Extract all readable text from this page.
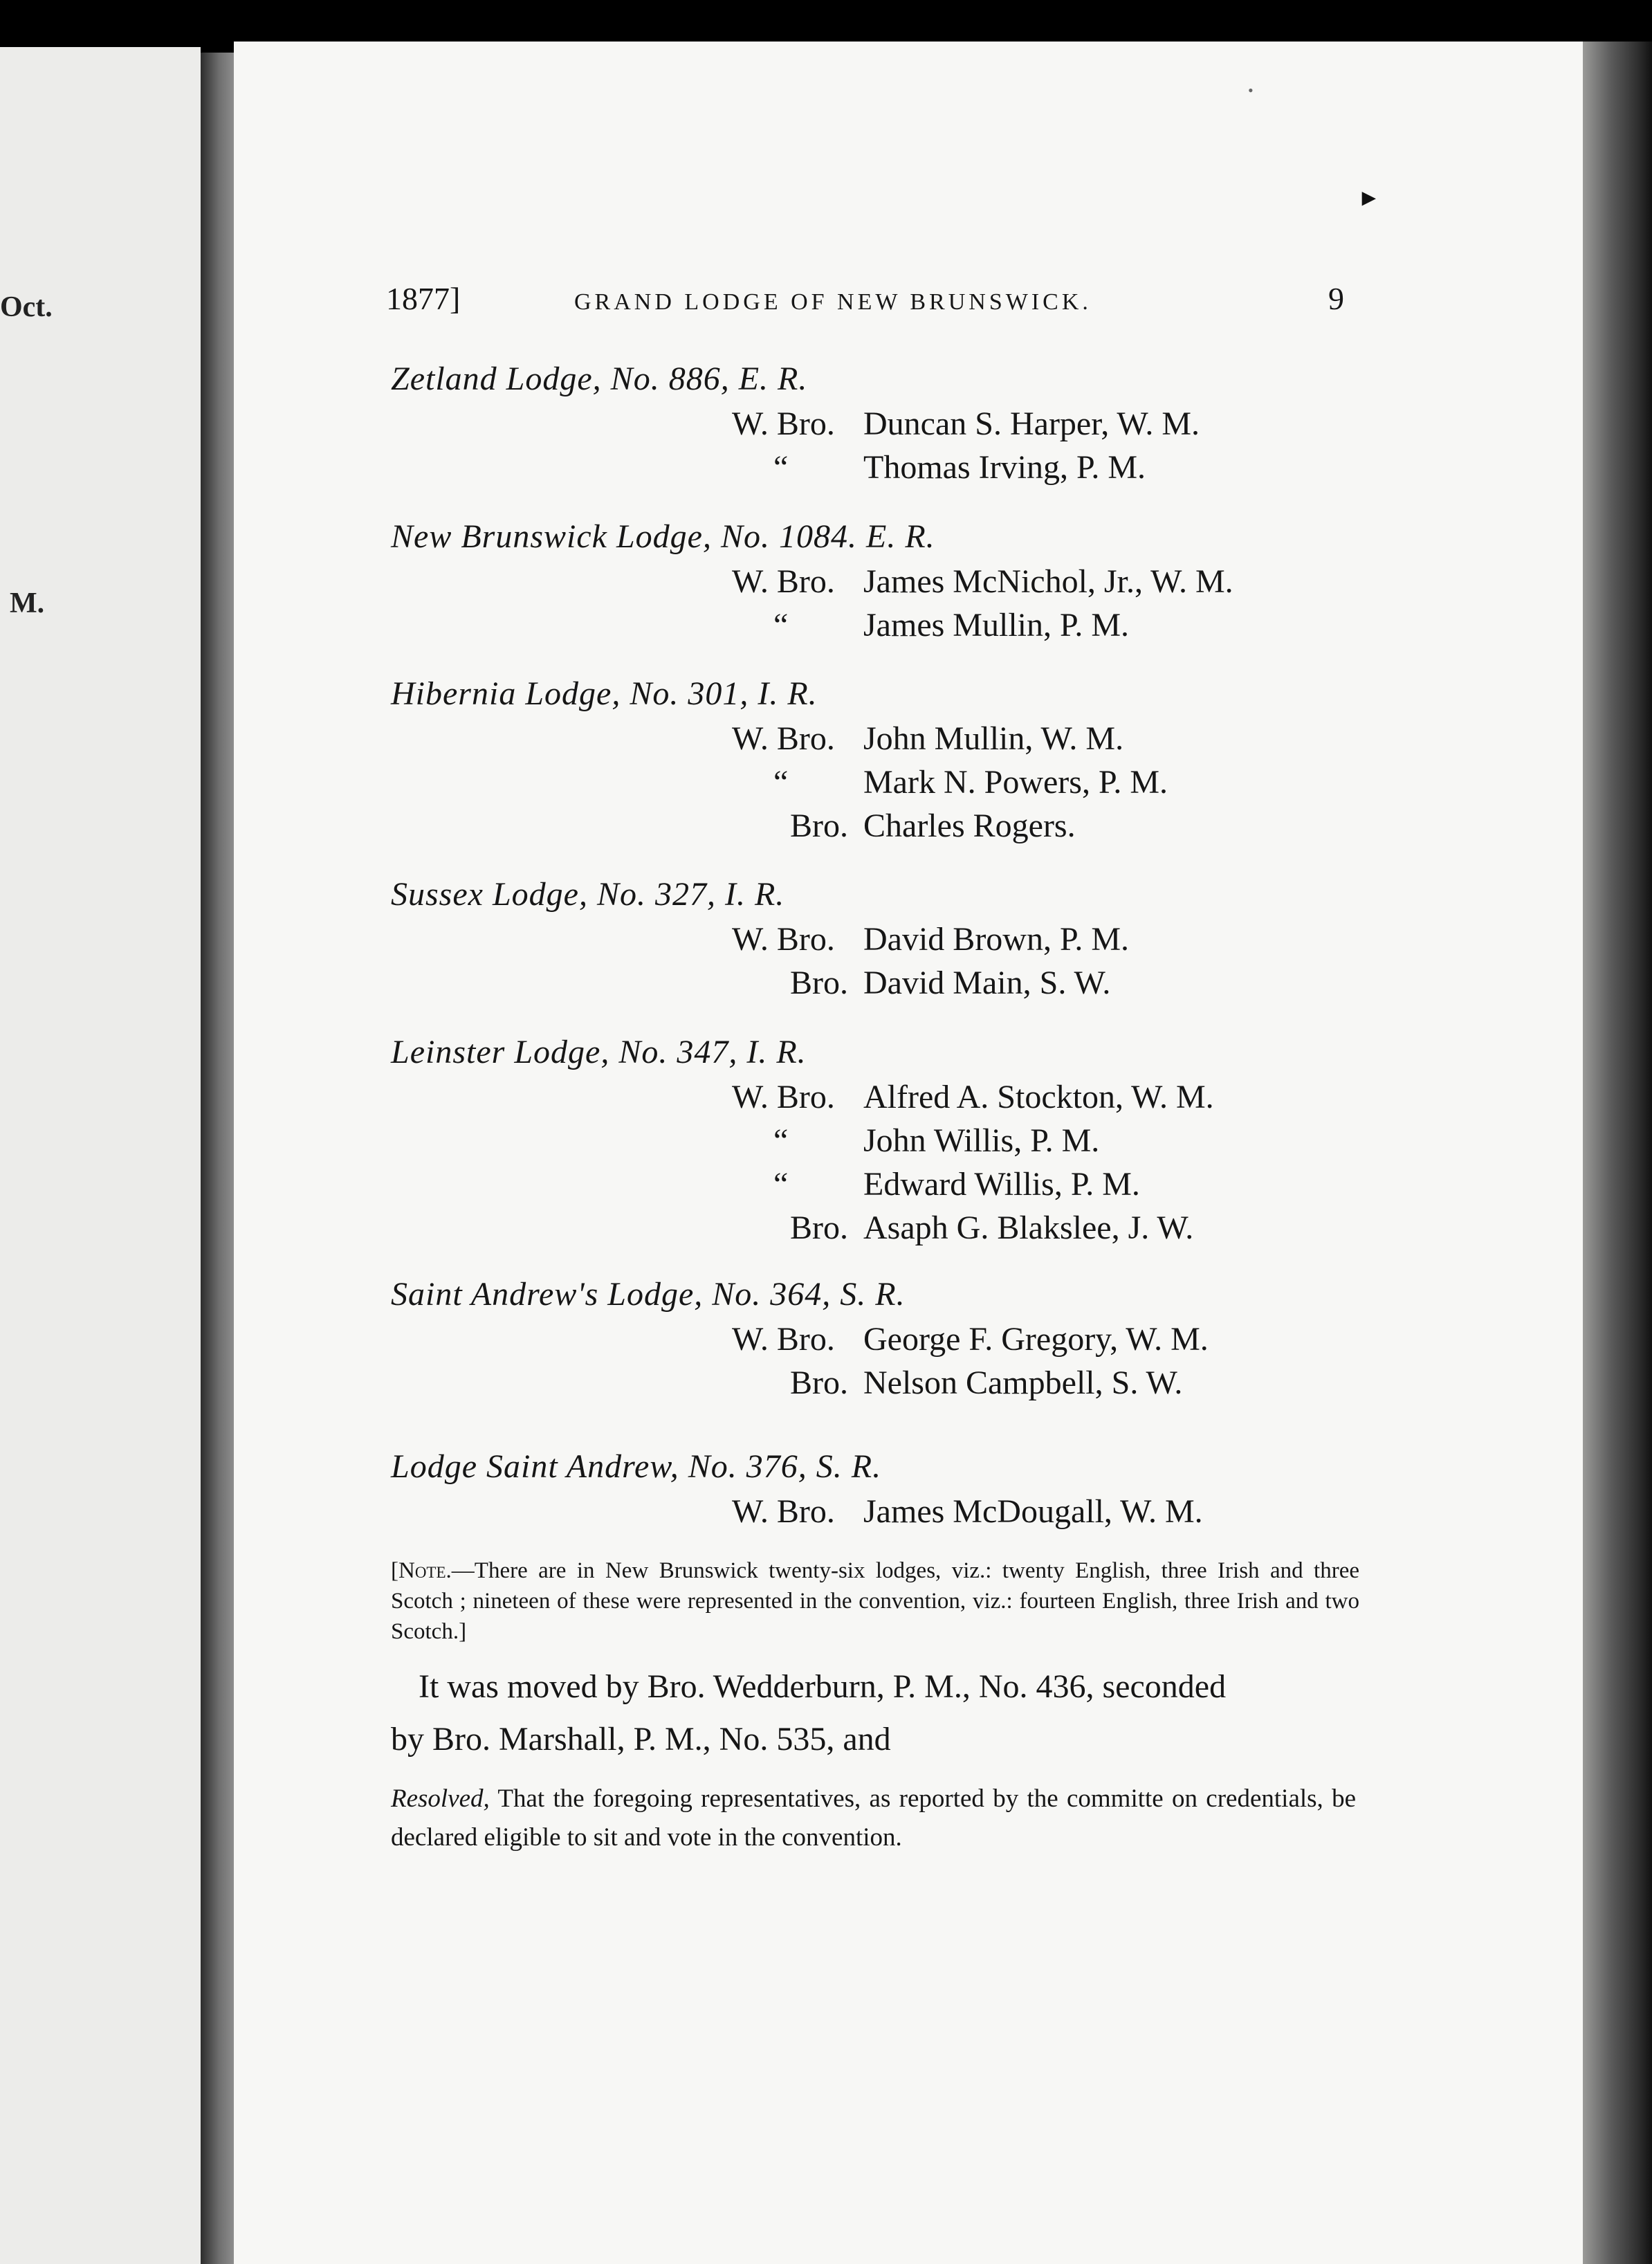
Oct.
M.
•
►
1877]	GRAND LODGE OF NEW BRUNSWICK.	9
Zetland Lodge, No. 886, E. R.
W. Bro. Duncan S. Harper, W. M.
“ Thomas Irving, P. M.
New Brunswick Lodge, No. 1084. E. R.
W. Bro. James McNichol, Jr., W. M.
“ James Mullin, P. M.
Hibernia Lodge, No. 301, I. R.
W. Bro. John Mullin, W. M.
“ Mark N. Powers, P. M.
Bro. Charles Rogers.
Sussex Lodge, No. 327, I. R.
W. Bro. David Brown, P. M.
Bro. David Main, S. W.
Leinster Lodge, No. 347, I. R.
W. Bro. Alfred A. Stockton, W. M.
“ John Willis, P. M.
“ Edward Willis, P. M.
Bro. Asaph G. Blakslee, J. W.
Saint Andrew's Lodge, No. 364, S. R.
W. Bro. George F. Gregory, W. M.
Bro. Nelson Campbell, S. W.
Lodge Saint Andrew, No. 376, S. R.
W. Bro. James McDougall, W. M.
[Note.—There are in New Brunswick twenty-six lodges, viz.: twenty English, three Irish and three Scotch ; nineteen of these were represented in the convention, viz.: fourteen English, three Irish and two Scotch.]
It was moved by Bro. Wedderburn, P. M., No. 436, seconded
by Bro. Marshall, P. M., No. 535, and
Resolved, That the foregoing representatives, as reported by the committe on credentials, be declared eligible to sit and vote in the convention.
